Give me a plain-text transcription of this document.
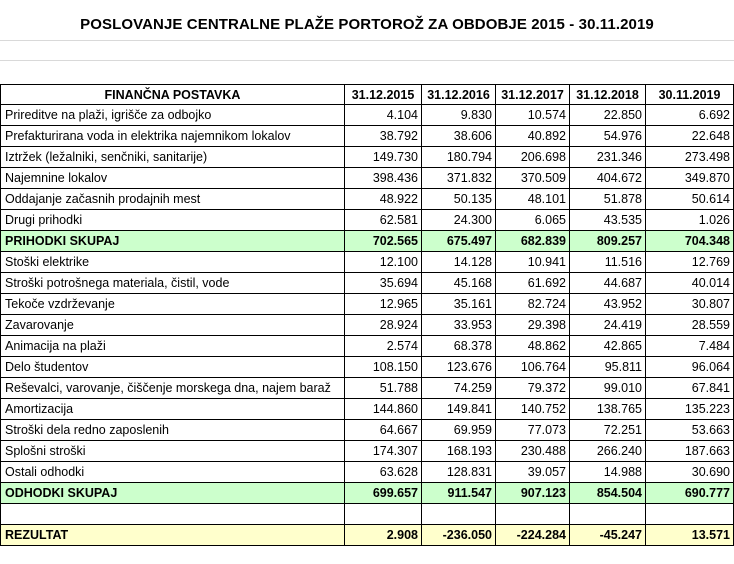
POSLOVANJE CENTRALNE PLAŽE PORTOROŽ ZA OBDOBJE 2015 - 30.11.2019
FINANČNA POSTAVKA	31.12.2015	31.12.2016	31.12.2017	31.12.2018	30.11.2019
Prireditve na plaži, igrišče za odbojko	4.104	9.830	10.574	22.850	6.692
Prefakturirana voda in elektrika najemnikom lokalov	38.792	38.606	40.892	54.976	22.648
Iztržek (ležalniki, senčniki, sanitarije)	149.730	180.794	206.698	231.346	273.498
Najemnine lokalov	398.436	371.832	370.509	404.672	349.870
Oddajanje začasnih prodajnih mest	48.922	50.135	48.101	51.878	50.614
Drugi prihodki	62.581	24.300	6.065	43.535	1.026
PRIHODKI SKUPAJ	702.565	675.497	682.839	809.257	704.348
Stoški elektrike	12.100	14.128	10.941	11.516	12.769
Stroški potrošnega materiala, čistil, vode	35.694	45.168	61.692	44.687	40.014
Tekoče vzdrževanje	12.965	35.161	82.724	43.952	30.807
Zavarovanje	28.924	33.953	29.398	24.419	28.559
Animacija na plaži	2.574	68.378	48.862	42.865	7.484
Delo študentov	108.150	123.676	106.764	95.811	96.064
Reševalci, varovanje, čiščenje morskega dna, najem baraž	51.788	74.259	79.372	99.010	67.841
Amortizacija	144.860	149.841	140.752	138.765	135.223
Stroški dela redno zaposlenih	64.667	69.959	77.073	72.251	53.663
Splošni stroški	174.307	168.193	230.488	266.240	187.663
Ostali odhodki	63.628	128.831	39.057	14.988	30.690
ODHODKI SKUPAJ	699.657	911.547	907.123	854.504	690.777

REZULTAT	2.908	-236.050	-224.284	-45.247	13.571
